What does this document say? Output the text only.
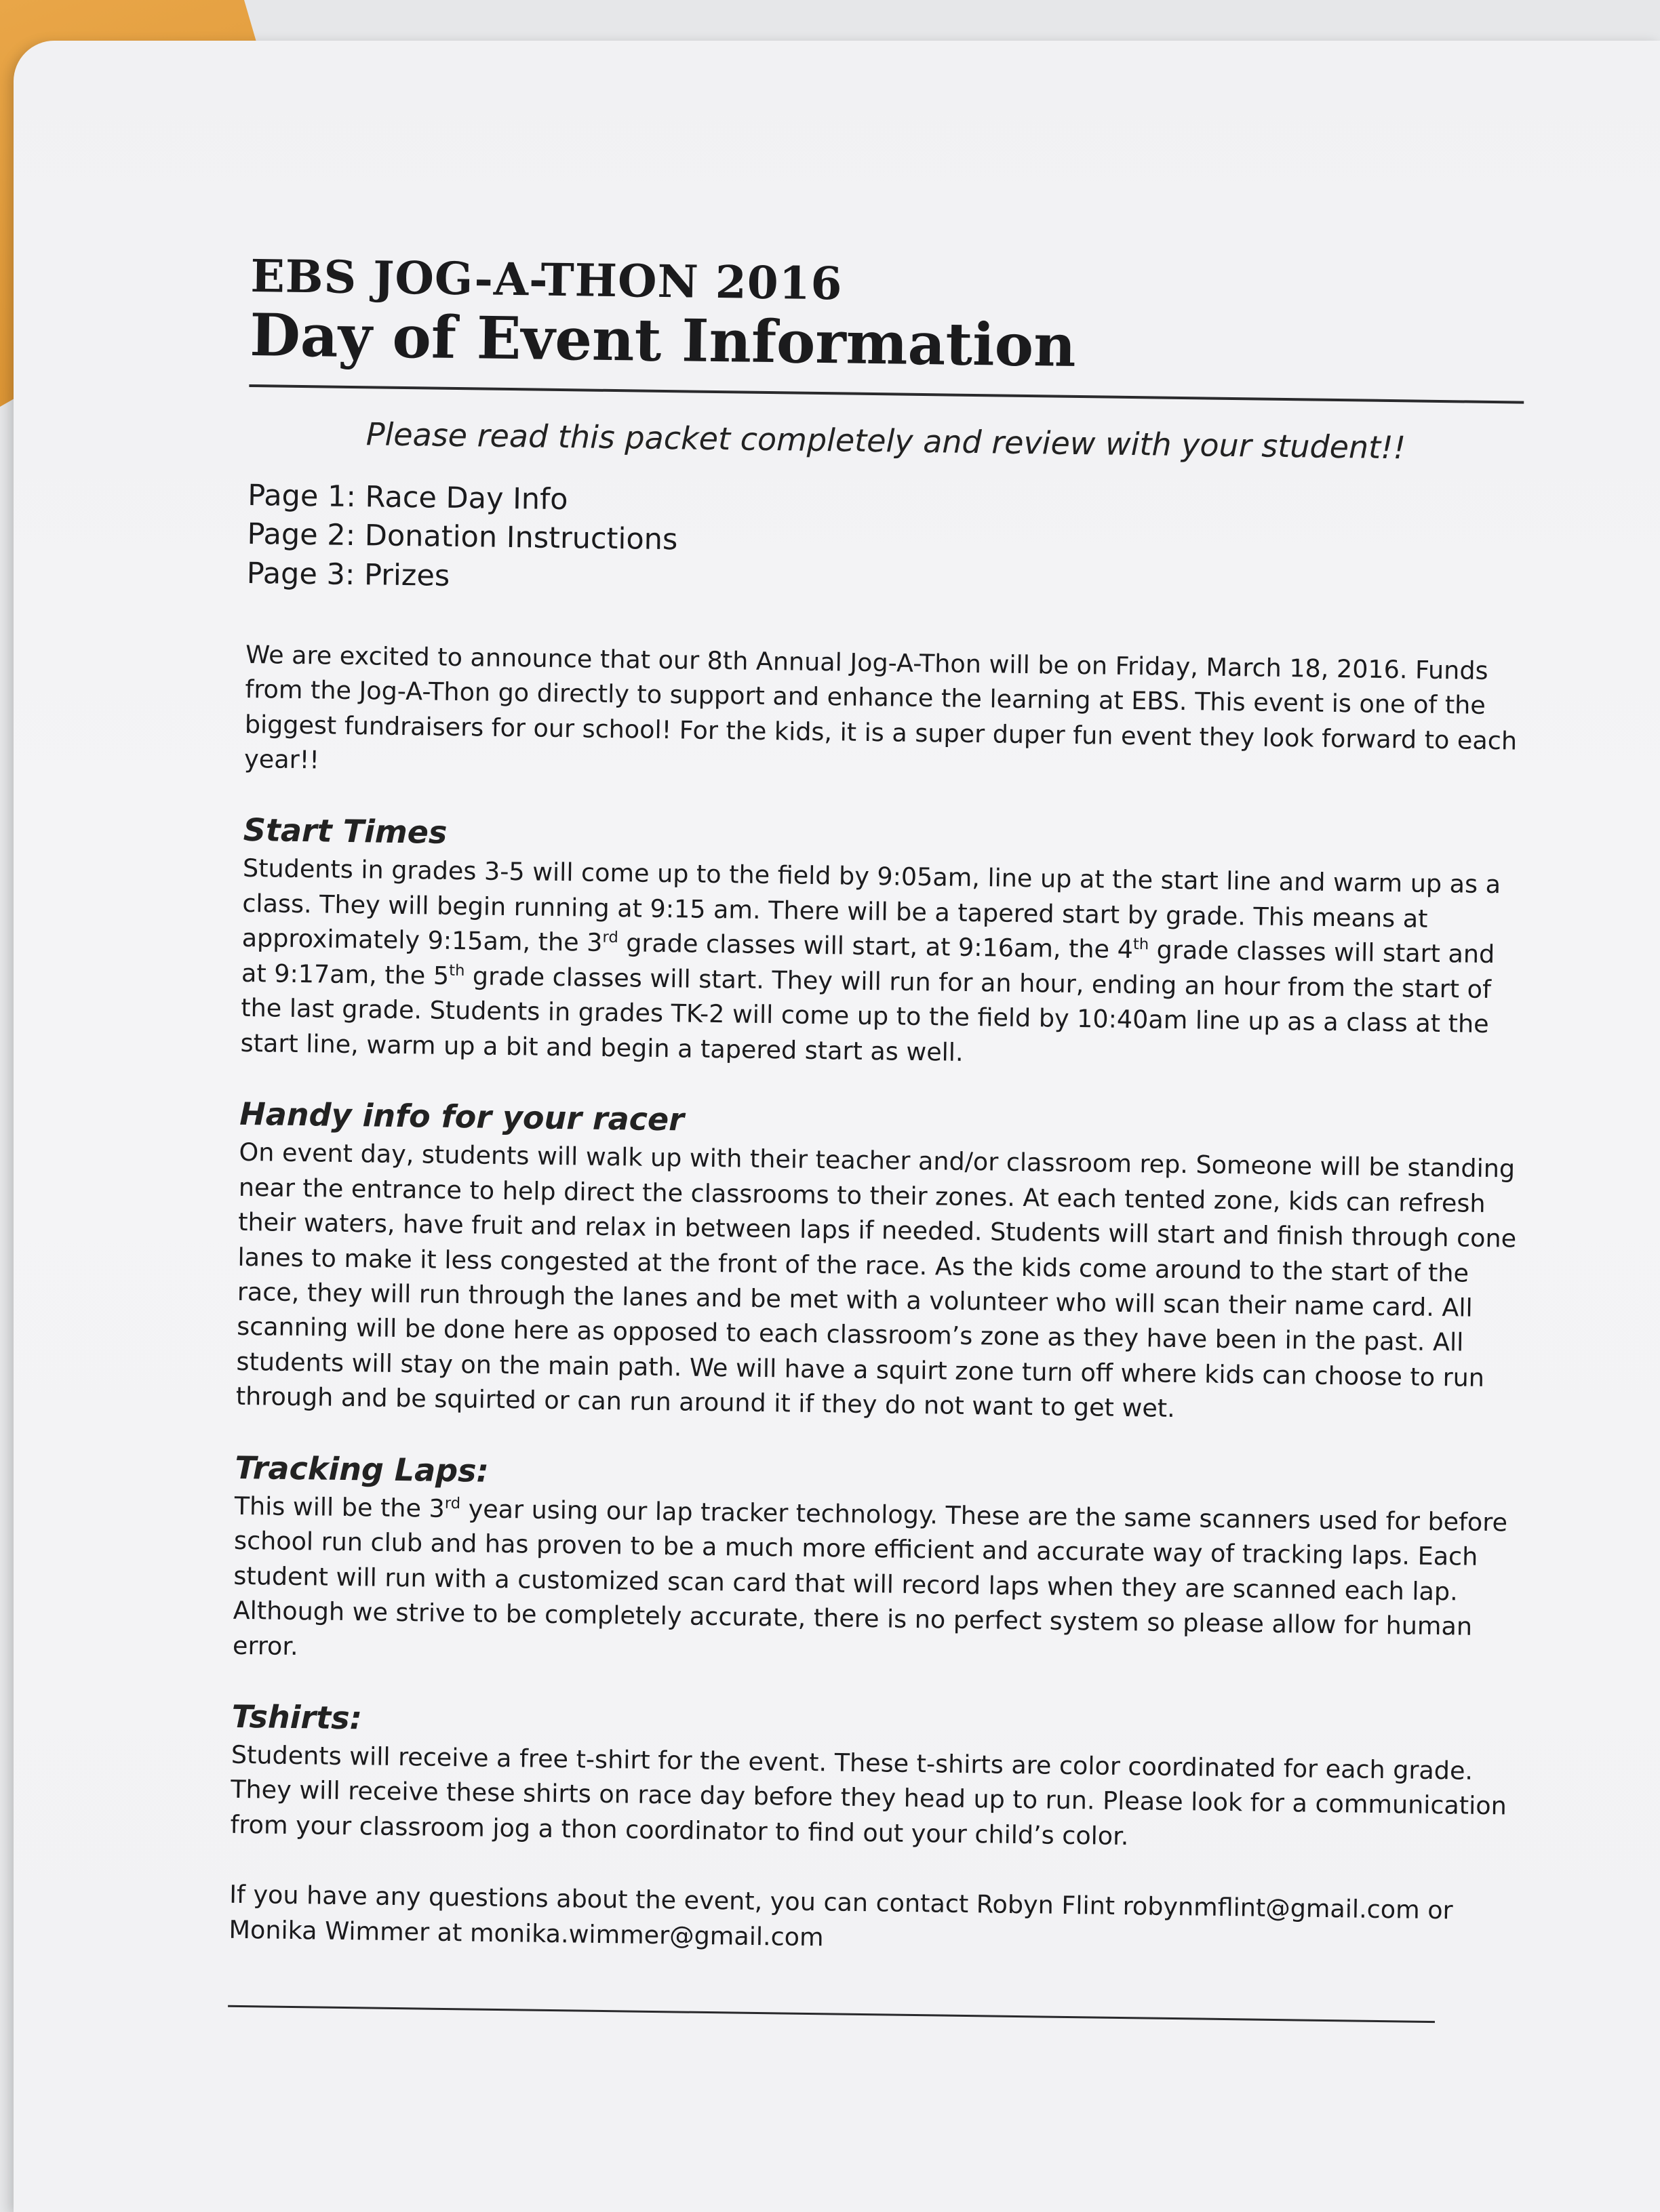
EBS JOG-A-THON 2016
Day of Event Information

Please read this packet completely and review with your student!!

Page 1: Race Day Info
Page 2: Donation Instructions
Page 3: Prizes

We are excited to announce that our 8th Annual Jog-A-Thon will be on Friday, March 18, 2016. Funds from the Jog-A-Thon go directly to support and enhance the learning at EBS. This event is one of the biggest fundraisers for our school! For the kids, it is a super duper fun event they look forward to each year!!

Start Times

Students in grades 3-5 will come up to the field by 9:05am, line up at the start line and warm up as a class. They will begin running at 9:15 am. There will be a tapered start by grade. This means at approximately 9:15am, the 3rd grade classes will start, at 9:16am, the 4th grade classes will start and at 9:17am, the 5th grade classes will start. They will run for an hour, ending an hour from the start of the last grade. Students in grades TK-2 will come up to the field by 10:40am line up as a class at the start line, warm up a bit and begin a tapered start as well.

Handy info for your racer

On event day, students will walk up with their teacher and/or classroom rep. Someone will be standing near the entrance to help direct the classrooms to their zones. At each tented zone, kids can refresh their waters, have fruit and relax in between laps if needed. Students will start and finish through cone lanes to make it less congested at the front of the race. As the kids come around to the start of the race, they will run through the lanes and be met with a volunteer who will scan their name card. All scanning will be done here as opposed to each classroom’s zone as they have been in the past. All students will stay on the main path. We will have a squirt zone turn off where kids can choose to run through and be squirted or can run around it if they do not want to get wet.

Tracking Laps:

This will be the 3rd year using our lap tracker technology. These are the same scanners used for before school run club and has proven to be a much more efficient and accurate way of tracking laps. Each student will run with a customized scan card that will record laps when they are scanned each lap. Although we strive to be completely accurate, there is no perfect system so please allow for human error.

Tshirts:

Students will receive a free t-shirt for the event. These t-shirts are color coordinated for each grade. They will receive these shirts on race day before they head up to run. Please look for a communication from your classroom jog a thon coordinator to find out your child’s color.

If you have any questions about the event, you can contact Robyn Flint robynmflint@gmail.com or Monika Wimmer at monika.wimmer@gmail.com
